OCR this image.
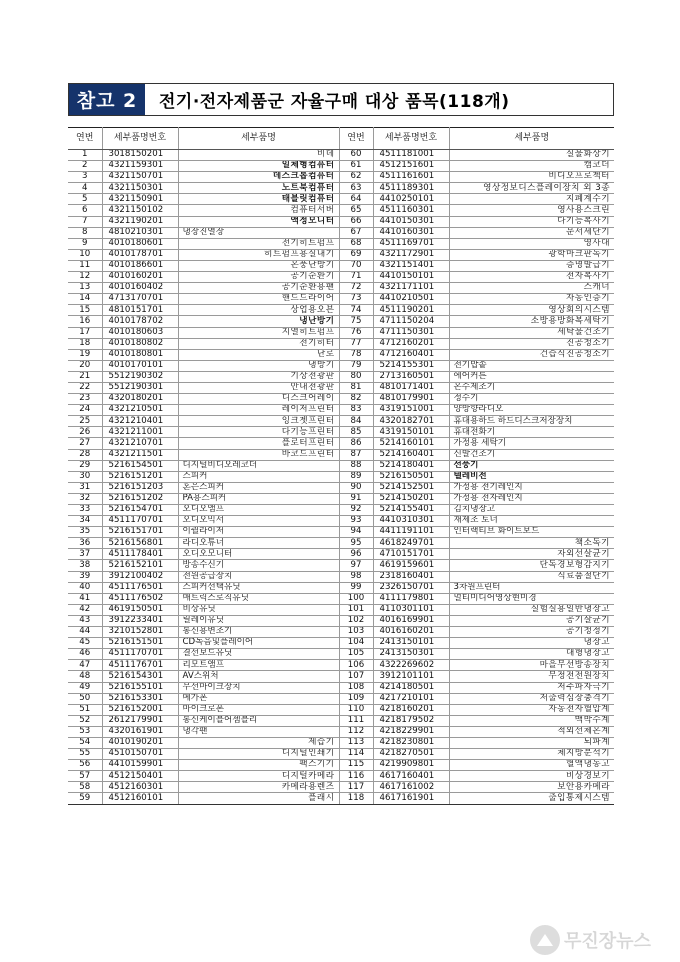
참고 2	전기·전자제품군 자율구매 대상 품목(118개)
연번	세부품명번호	세부품명	연번	세부품명번호	세부품명
1	3018150201	비데	60	4511181001	실물화상기
2	4321159301	일체형컴퓨터	61	4512151601	캠코더
3	4321150701	데스크톱컴퓨터	62	4511161601	비디오프로젝터
4	4321150301	노트북컴퓨터	63	4511189301	영상정보디스플레이장치 외 3종
5	4321150901	태블릿컴퓨터	64	4410250101	지폐계수기
6	4321150102	컴퓨터서버	65	4511160301	영사용스크린
7	4321190201	액정모니터	66	4410150301	다기능복사기
8	4810210301	냉장진열장	67	4410160301	문서세단기
9	4010180601	전기히트펌프	68	4511169701	영사대
10	4010178701	히트펌프용실내기	69	4321172901	광학마크판독기
11	4010186601	온풍난방기	70	4321151401	증명발급기
12	4010160201	공기순환기	71	4410150101	전자복사기
13	4010160402	공기순환용팬	72	4321171101	스캐너
14	4713170701	핸드드라이어	73	4410210501	자동인증기
15	4810151701	상업용오븐	74	4511190201	영상회의시스템
16	4010178702	냉난방기	75	4711150204	소방용방화복세탁기
17	4010180603	지열히트펌프	76	4711150301	세탁물건조기
18	4010180802	전기히터	77	4712160201	진공청소기
19	4010180801	난로	78	4712160401	건습식진공청소기
20	4010170101	냉방기	79	5214155301	전기밥솥
21	5512190302	기상전광판	80	2713160501	에어커튼
22	5512190301	안내전광판	81	4810171401	온수제조기
23	4320180201	디스크어레이	82	4810179901	정수기
24	4321210501	레이저프린터	83	4319151001	양방향라디오
25	4321210401	잉크젯프린터	84	4320182701	휴대용하드 하드디스크저장장치
26	4321211001	다기능프린터	85	4319150101	휴대전화기
27	4321210701	플로터프린터	86	5214160101	가정용 세탁기
28	4321211501	바코드프린터	87	5214160401	신발건조기
29	5216154501	디지털비디오레코더	88	5214180401	선풍기
30	5216151201	스피커	89	5216150501	텔레비전
31	5216151203	혼은스피커	90	5214152501	가정용 전기레인지
32	5216151202	PA용스피커	91	5214150201	가정용 전자레인지
33	5216154701	오디오앰프	92	5214155401	김치냉장고
34	4511170701	오디오믹서	93	4410310301	재제조 토너
35	5216151701	이퀄라이저	94	4411191101	인터랙티브 화이트보드
36	5216156801	라디오튜너	95	4618249701	책소독기
37	4511178401	오디오모니터	96	4710151701	자외선살균기
38	5216152101	방송수신기	97	4619159601	단독경보형감지기
39	3912100402	전원공급장치	98	2318160401	식료품절단기
40	4511176501	스피커선택유닛	99	2326150701	3차원프린터
41	4511176502	매트릭스로직유닛	100	4111179801	멀티미디어영상현미경
42	4619150501	비상유닛	101	4110301101	실험실용일반냉장고
43	3912233401	릴레이유닛	102	4016169901	공기살균기
44	3210152801	통신용변조기	103	4016160201	공기청정기
45	5216151501	CD녹음및플레이어	104	2413150101	냉장고
46	4511170701	결선보드유닛	105	2413150301	대형냉장고
47	4511176701	리모트앰프	106	4322269602	마을무선방송장치
48	5216154301	AV스위처	107	3912101101	무정전전원장치
49	5216155101	무선마이크장치	108	4214180501	저주파자극기
50	5216153301	메가폰	109	4217210101	저출력심장충격기
51	5216152001	마이크로폰	110	4218160201	자동전자혈압계
52	2612179901	통신케이블어셈블리	111	4218179502	맥박수계
53	4320161901	냉각팬	112	4218229901	적외선체온계
54	4010190201	제습기	113	4218230801	뇌파계
55	4510150701	디지털인쇄기	114	4218270501	체지방분석기
56	4410159901	팩스기기	115	4219909801	혈액냉동고
57	4512150401	디지털카메라	116	4617160401	비상경보기
58	4512160301	카메라용렌즈	117	4617161002	보안용카메라
59	4512160101	플래시	118	4617161901	출입통제시스템
무진장뉴스
